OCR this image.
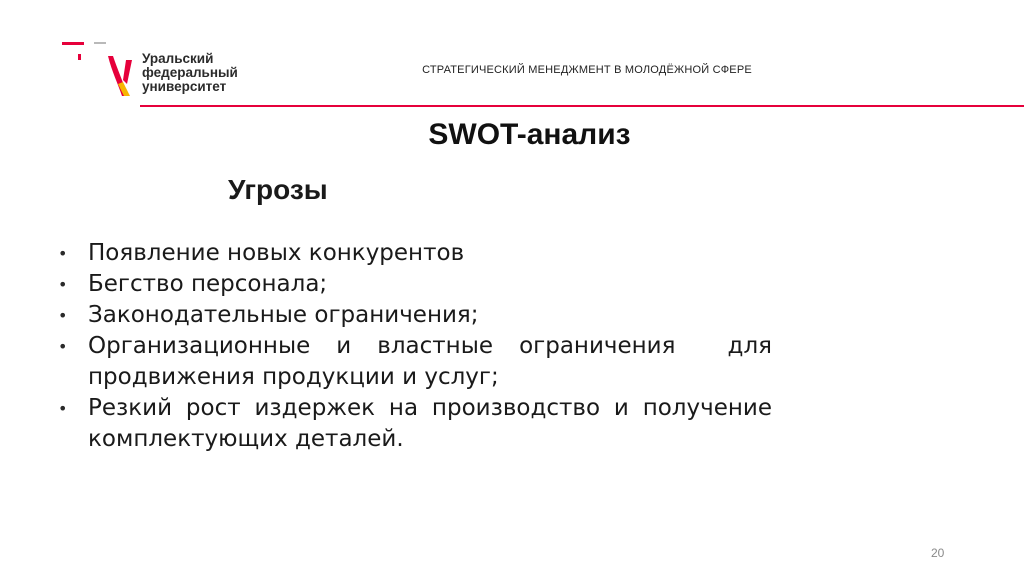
Уральский
федеральный
университет
СТРАТЕГИЧЕСКИЙ МЕНЕДЖМЕНТ В МОЛОДЁЖНОЙ СФЕРЕ
SWOT-анализ
Угрозы
• Появление новых конкурентов
• Бегство персонала;
• Законодательные ограничения;
• Организационные и властные ограничения  для продвижения продукции и услуг;
• Резкий рост издержек на производство и получение комплектующих деталей.
20
